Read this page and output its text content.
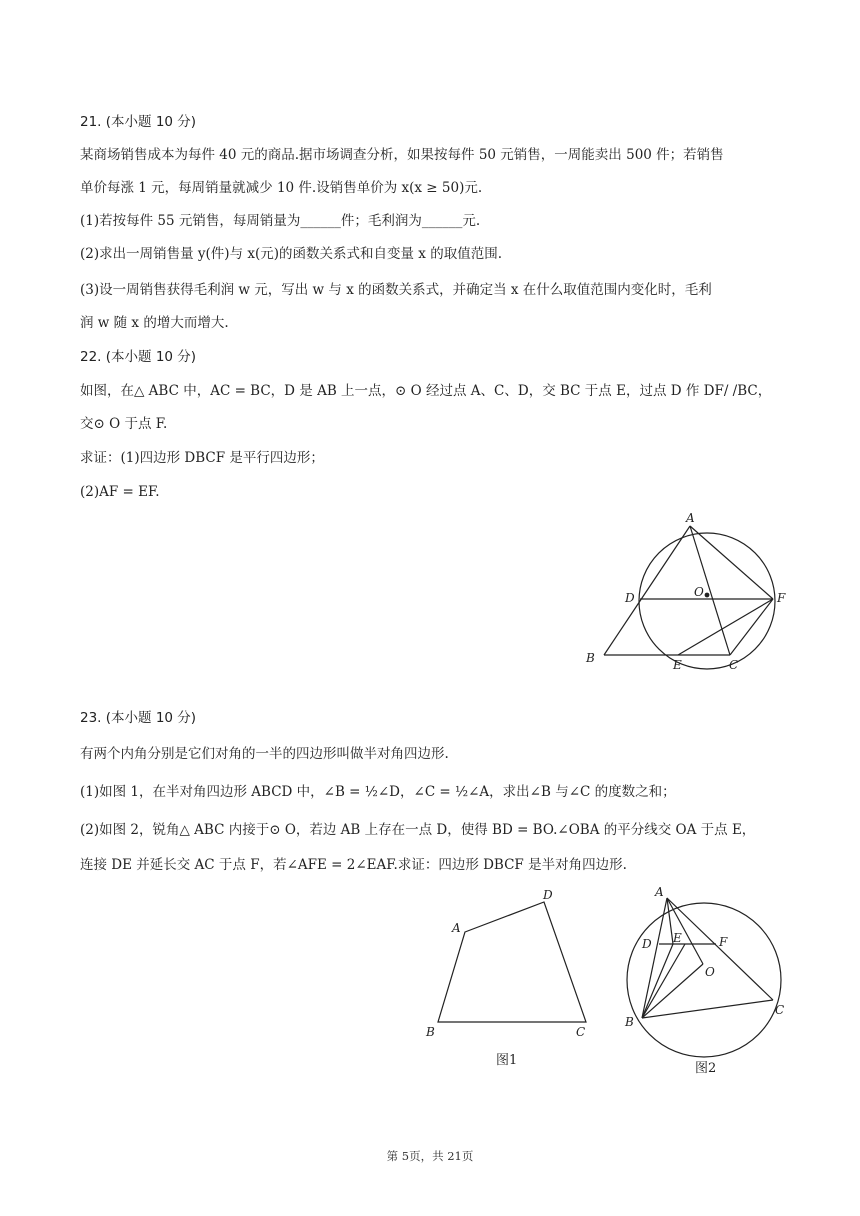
21. (本小题 10 分)
某商场销售成本为每件 40 元的商品.据市场调查分析，如果按每件 50 元销售，一周能卖出 500 件；若销售
单价每涨 1 元，每周销量就减少 10 件.设销售单价为 x(x ≥ 50)元.
(1)若按每件 55 元销售，每周销量为______件；毛利润为______元.
(2)求出一周销售量 y(件)与 x(元)的函数关系式和自变量 x 的取值范围.
(3)设一周销售获得毛利润 w 元，写出 w 与 x 的函数关系式，并确定当 x 在什么取值范围内变化时，毛利
润 w 随 x 的增大而增大.
22. (本小题 10 分)
如图，在△ ABC 中，AC = BC，D 是 AB 上一点，⊙ O 经过点 A、C、D，交 BC 于点 E，过点 D 作 DF/ /BC，
交⊙ O 于点 F.
求证：(1)四边形 DBCF 是平行四边形；
(2)AF = EF.
A
O
D	F
B	E	C
23. (本小题 10 分)
有两个内角分别是它们对角的一半的四边形叫做半对角四边形.
(1)如图 1，在半对角四边形 ABCD 中，∠B = ½∠D，∠C = ½∠A，求出∠B 与∠C 的度数之和；
(2)如图 2，锐角△ ABC 内接于⊙ O，若边 AB 上存在一点 D，使得 BD = BO.∠OBA 的平分线交 OA 于点 E，
连接 DE 并延长交 AC 于点 F，若∠AFE = 2∠EAF.求证：四边形 DBCF 是半对角四边形.
A
D
B	C
图1
A
D E	F
O
B
C
图2
第 5页，共 21页
